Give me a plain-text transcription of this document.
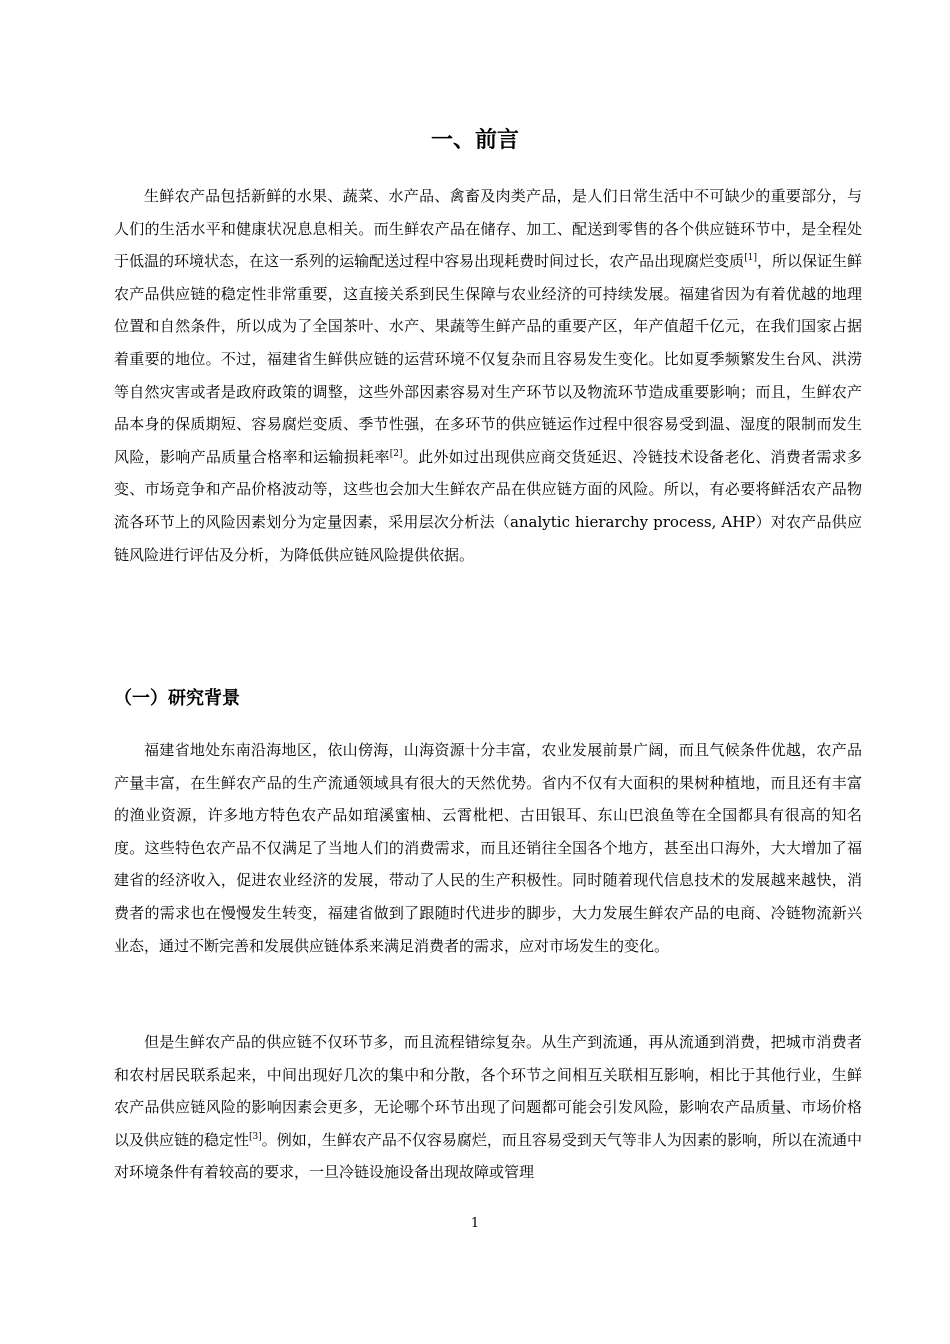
一、前言

生鲜农产品包括新鲜的水果、蔬菜、水产品、禽畜及肉类产品，是人们日常生活中不可缺少的重要部分，与人们的生活水平和健康状况息息相关。而生鲜农产品在储存、加工、配送到零售的各个供应链环节中，是全程处于低温的环境状态，在这一系列的运输配送过程中容易出现耗费时间过长，农产品出现腐烂变质[1]，所以保证生鲜农产品供应链的稳定性非常重要，这直接关系到民生保障与农业经济的可持续发展。福建省因为有着优越的地理位置和自然条件，所以成为了全国茶叶、水产、果蔬等生鲜产品的重要产区，年产值超千亿元，在我们国家占据着重要的地位。不过，福建省生鲜供应链的运营环境不仅复杂而且容易发生变化。比如夏季频繁发生台风、洪涝等自然灾害或者是政府政策的调整，这些外部因素容易对生产环节以及物流环节造成重要影响；而且，生鲜农产品本身的保质期短、容易腐烂变质、季节性强，在多环节的供应链运作过程中很容易受到温、湿度的限制而发生风险，影响产品质量合格率和运输损耗率[2]。此外如过出现供应商交货延迟、冷链技术设备老化、消费者需求多变、市场竞争和产品价格波动等，这些也会加大生鲜农产品在供应链方面的风险。所以，有必要将鲜活农产品物流各环节上的风险因素划分为定量因素，采用层次分析法（analytic hierarchy process, AHP）对农产品供应链风险进行评估及分析，为降低供应链风险提供依据。

（一）研究背景

福建省地处东南沿海地区，依山傍海，山海资源十分丰富，农业发展前景广阔，而且气候条件优越，农产品产量丰富，在生鲜农产品的生产流通领域具有很大的天然优势。省内不仅有大面积的果树种植地，而且还有丰富的渔业资源，许多地方特色农产品如琯溪蜜柚、云霄枇杷、古田银耳、东山巴浪鱼等在全国都具有很高的知名度。这些特色农产品不仅满足了当地人们的消费需求，而且还销往全国各个地方，甚至出口海外，大大增加了福建省的经济收入，促进农业经济的发展，带动了人民的生产积极性。同时随着现代信息技术的发展越来越快，消费者的需求也在慢慢发生转变，福建省做到了跟随时代进步的脚步，大力发展生鲜农产品的电商、冷链物流新兴业态，通过不断完善和发展供应链体系来满足消费者的需求，应对市场发生的变化。

但是生鲜农产品的供应链不仅环节多，而且流程错综复杂。从生产到流通，再从流通到消费，把城市消费者和农村居民联系起来，中间出现好几次的集中和分散，各个环节之间相互关联相互影响，相比于其他行业，生鲜农产品供应链风险的影响因素会更多，无论哪个环节出现了问题都可能会引发风险，影响农产品质量、市场价格以及供应链的稳定性[3]。例如，生鲜农产品不仅容易腐烂，而且容易受到天气等非人为因素的影响，所以在流通中对环境条件有着较高的要求，一旦冷链设施设备出现故障或管理

1
